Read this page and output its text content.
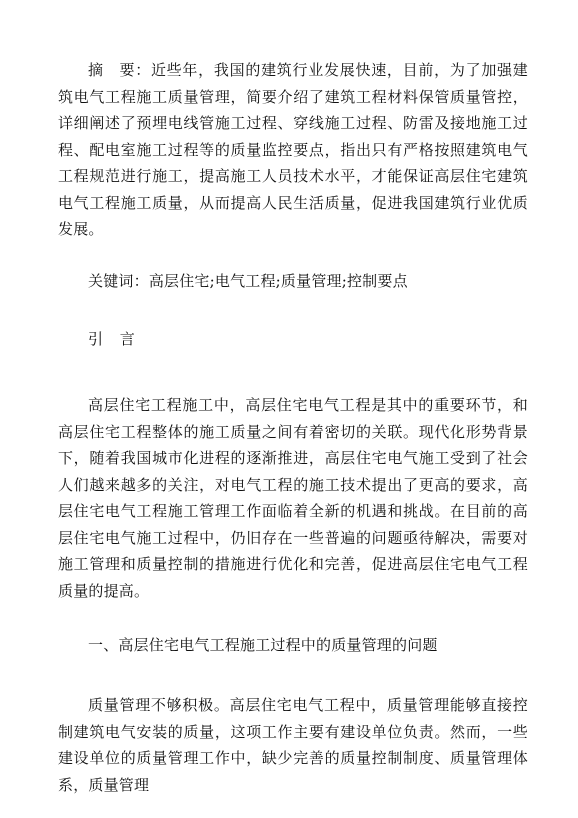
摘　要：近些年，我国的建筑行业发展快速，目前，为了加强建筑电气工程施工质量管理，简要介绍了建筑工程材料保管质量管控，详细阐述了预埋电线管施工过程、穿线施工过程、防雷及接地施工过程、配电室施工过程等的质量监控要点，指出只有严格按照建筑电气工程规范进行施工，提高施工人员技术水平，才能保证高层住宅建筑电气工程施工质量，从而提高人民生活质量，促进我国建筑行业优质发展。

关键词：高层住宅;电气工程;质量管理;控制要点

引 言

高层住宅工程施工中，高层住宅电气工程是其中的重要环节，和高层住宅工程整体的施工质量之间有着密切的关联。现代化形势背景下，随着我国城市化进程的逐渐推进，高层住宅电气施工受到了社会人们越来越多的关注，对电气工程的施工技术提出了更高的要求，高层住宅电气工程施工管理工作面临着全新的机遇和挑战。在目前的高层住宅电气施工过程中，仍旧存在一些普遍的问题亟待解决，需要对施工管理和质量控制的措施进行优化和完善，促进高层住宅电气工程质量的提高。

一、高层住宅电气工程施工过程中的质量管理的问题

质量管理不够积极。高层住宅电气工程中，质量管理能够直接控制建筑电气安装的质量，这项工作主要有建设单位负责。然而，一些建设单位的质量管理工作中，缺少完善的质量控制制度、质量管理体系，质量管理
